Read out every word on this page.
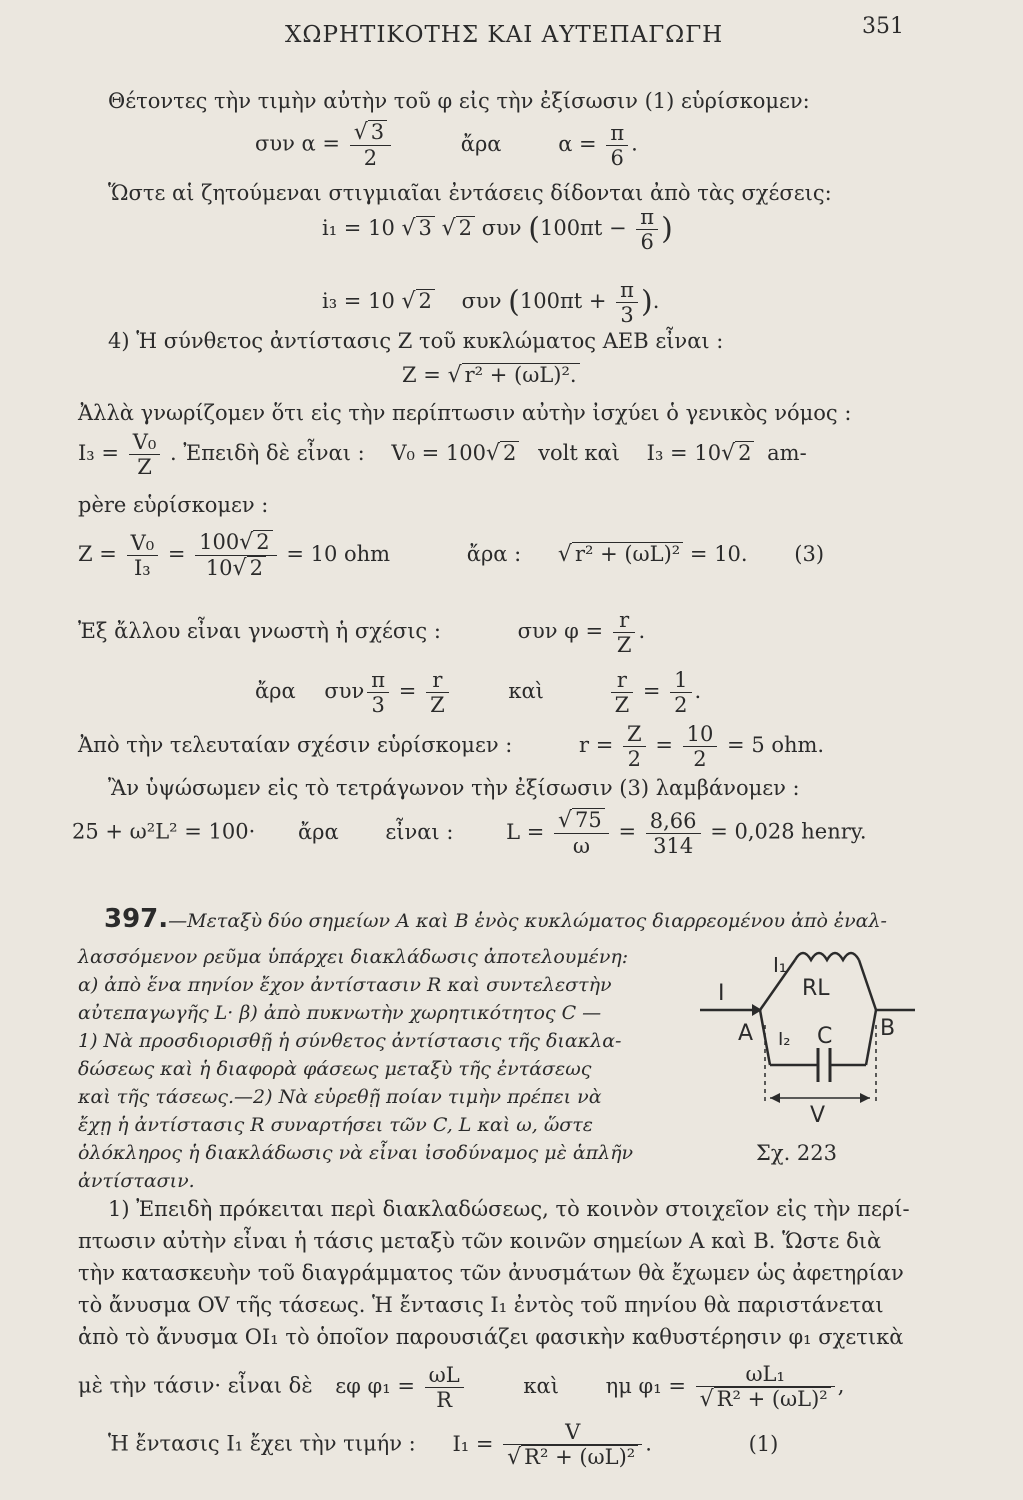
ΧΩΡΗΤΙΚΟΤΗΣ ΚΑΙ ΑΥΤΕΠΑΓΩΓΗ	351
Θέτοντες τὴν τιμὴν αὐτὴν τοῦ φ εἰς τὴν ἐξίσωσιν (1) εὑρίσκομεν:
συν $\alpha = \frac{√ 3}{2}$	ἄρα	$\alpha = \frac{\pi}{6}$ .
Ὥστε αἱ ζητούμεναι στιγμιαῖαι ἐντάσεις δίδονται ἀπὸ τὰς σχέσεις:
i₁ = 10 √ 3 √ 2 συν ($100\pi t - \frac{\pi}{6}$ )
i₃ = 10 √ 2 συν ($100\pi t + \frac{\pi}{3}$ ).
4) Ἡ σύνθετος ἀντίστασις Z τοῦ κυκλώματος AEB εἶναι :
Z = √ r² + (ωL)².
Ἀλλὰ γνωρίζομεν ὅτι εἰς τὴν περίπτωσιν αὐτὴν ἰσχύει ὁ γενικὸς νόμος :
$I_3 = \frac{\text{V₀}}{Z}$ . Ἐπειδὴ δὲ εἶναι : V₀ = 100√ 2 volt καὶ I₃ = 10√ 2 am-
père εὑρίσκομεν :
$Z = \frac{\text{V₀}}{\text{I₃}} = \frac{100√ 2}{10√ 2} = 10$ ohm	ἄρα : √ r² + (ωL)² = 10. (3)
Ἐξ ἄλλου εἶναι γνωστὴ ἡ σχέσις :	συν $\varphi = \frac{r}{Z}$ .
ἄρα συν $\frac{\pi}{3} = \frac{r}{Z}$	καὶ	$\frac{r}{Z} = \frac{1}{2}$ .
Ἀπὸ τὴν τελευταίαν σχέσιν εὑρίσκομεν :	$r = \frac{Z}{2} = \frac{10}{2} = 5$ ohm.
Ἂν ὑψώσωμεν εἰς τὸ τετράγωνον τὴν ἐξίσωσιν (3) λαμβάνομεν :
25 + ω²L² = 100· ἄρα εἶναι :	$L = \frac{√ 75}{\omega} = \frac{8,66}{314} = 0,028$ henry.
397.—Μεταξὺ δύο σημείων A καὶ B ἑνὸς κυκλώματος διαρρεομένου ἀπὸ ἐναλ-
λασσόμενον ρεῦμα ὑπάρχει διακλάδωσις ἀποτελουμένη:
α) ἀπὸ ἕνα πηνίον ἔχον ἀντίστασιν R καὶ συντελεστὴν
αὐτεπαγωγῆς L· β) ἀπὸ πυκνωτὴν χωρητικότητος C —
1) Νὰ προσδιορισθῇ ἡ σύνθετος ἀντίστασις τῆς διακλα-
δώσεως καὶ ἡ διαφορὰ φάσεως μεταξὺ τῆς ἐντάσεως
καὶ τῆς τάσεως.—2) Νὰ εὑρεθῇ ποίαν τιμὴν πρέπει νὰ
ἔχῃ ἡ ἀντίστασις R συναρτήσει τῶν C, L καὶ ω, ὥστε
ὁλόκληρος ἡ διακλάδωσις νὰ εἶναι ἰσοδύναμος μὲ ἁπλῆν
ἀντίστασιν.
I₁
I	RL
A I₂ C B
V
Σχ. 223
1) Ἐπειδὴ πρόκειται περὶ διακλαδώσεως, τὸ κοινὸν στοιχεῖον εἰς τὴν περί-
πτωσιν αὐτὴν εἶναι ἡ τάσις μεταξὺ τῶν κοινῶν σημείων A καὶ B. Ὥστε διὰ
τὴν κατασκευὴν τοῦ διαγράμματος τῶν ἀνυσμάτων θὰ ἔχωμεν ὡς ἀφετηρίαν
τὸ ἄνυσμα OV τῆς τάσεως. Ἡ ἔντασις I₁ ἐντὸς τοῦ πηνίου θὰ παριστάνεται
ἀπὸ τὸ ἄνυσμα OI₁ τὸ ὁποῖον παρουσιάζει φασικὴν καθυστέρησιν φ₁ σχετικὰ
μὲ τὴν τάσιν· εἶναι δὲ εφ $\varphi_1 = \frac{\omega L}{R}$	καὶ ημ $\varphi_1 = \frac{\text{ωL₁}}{\text{√ R² + (ωL)²}}$ ,
Ἡ ἔντασις I₁ ἔχει τὴν τιμήν : $I_1 = \frac{V}{\text{√ R² + (ωL)²}}$ .	(1)
